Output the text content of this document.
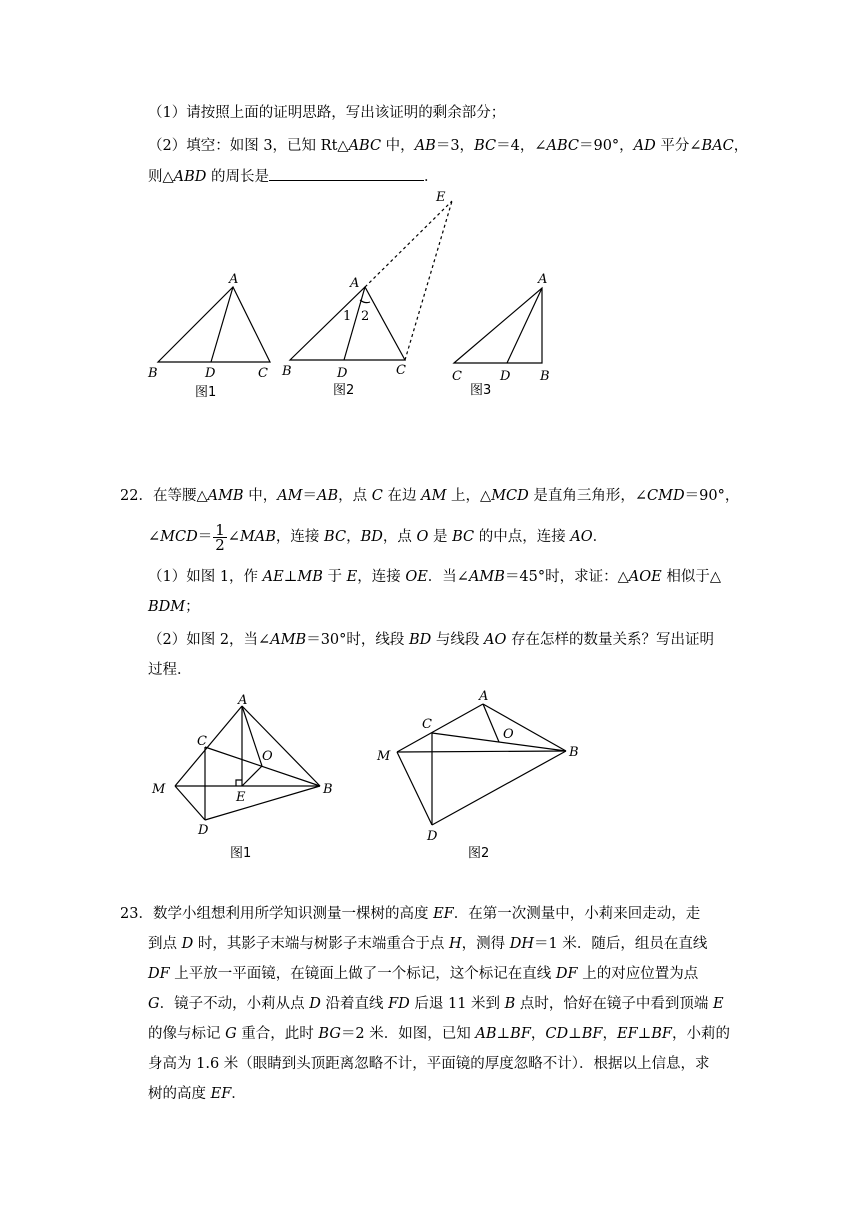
（1）请按照上面的证明思路，写出该证明的剩余部分；
（2）填空：如图 3，已知 Rt△ABC 中，AB＝3，BC＝4，∠ABC＝90°，AD 平分∠BAC，
则△ABD 的周长是	．
A
B	D	C
图1
E
A
1 2
B	D	C
图2
A
C	D B
图3
22．在等腰△AMB 中，AM＝AB，点 C 在边 AM 上，△MCD 是直角三角形，∠CMD＝90°，
∠MCD＝ $\frac{1}{2}$ ∠MAB，连接 BC，BD，点 O 是 BC 的中点，连接 AO．
（1）如图 1，作 AE⊥MB 于 E，连接 OE．当∠AMB＝45°时，求证：△AOE 相似于△
BDM；
（2）如图 2，当∠AMB＝30°时，线段 BD 与线段 AO 存在怎样的数量关系？写出证明
过程．
A
C
O
M
E
B
D
图1
A
C
O
M	B
D
图2
23．数学小组想利用所学知识测量一棵树的高度 EF．在第一次测量中，小莉来回走动，走
到点 D 时，其影子末端与树影子末端重合于点 H，测得 DH＝1 米．随后，组员在直线
DF 上平放一平面镜，在镜面上做了一个标记，这个标记在直线 DF 上的对应位置为点
G．镜子不动，小莉从点 D 沿着直线 FD 后退 11 米到 B 点时，恰好在镜子中看到顶端 E
的像与标记 G 重合，此时 BG＝2 米．如图，已知 AB⊥BF，CD⊥BF，EF⊥BF，小莉的
身高为 1.6 米（眼睛到头顶距离忽略不计，平面镜的厚度忽略不计）．根据以上信息，求
树的高度 EF．
